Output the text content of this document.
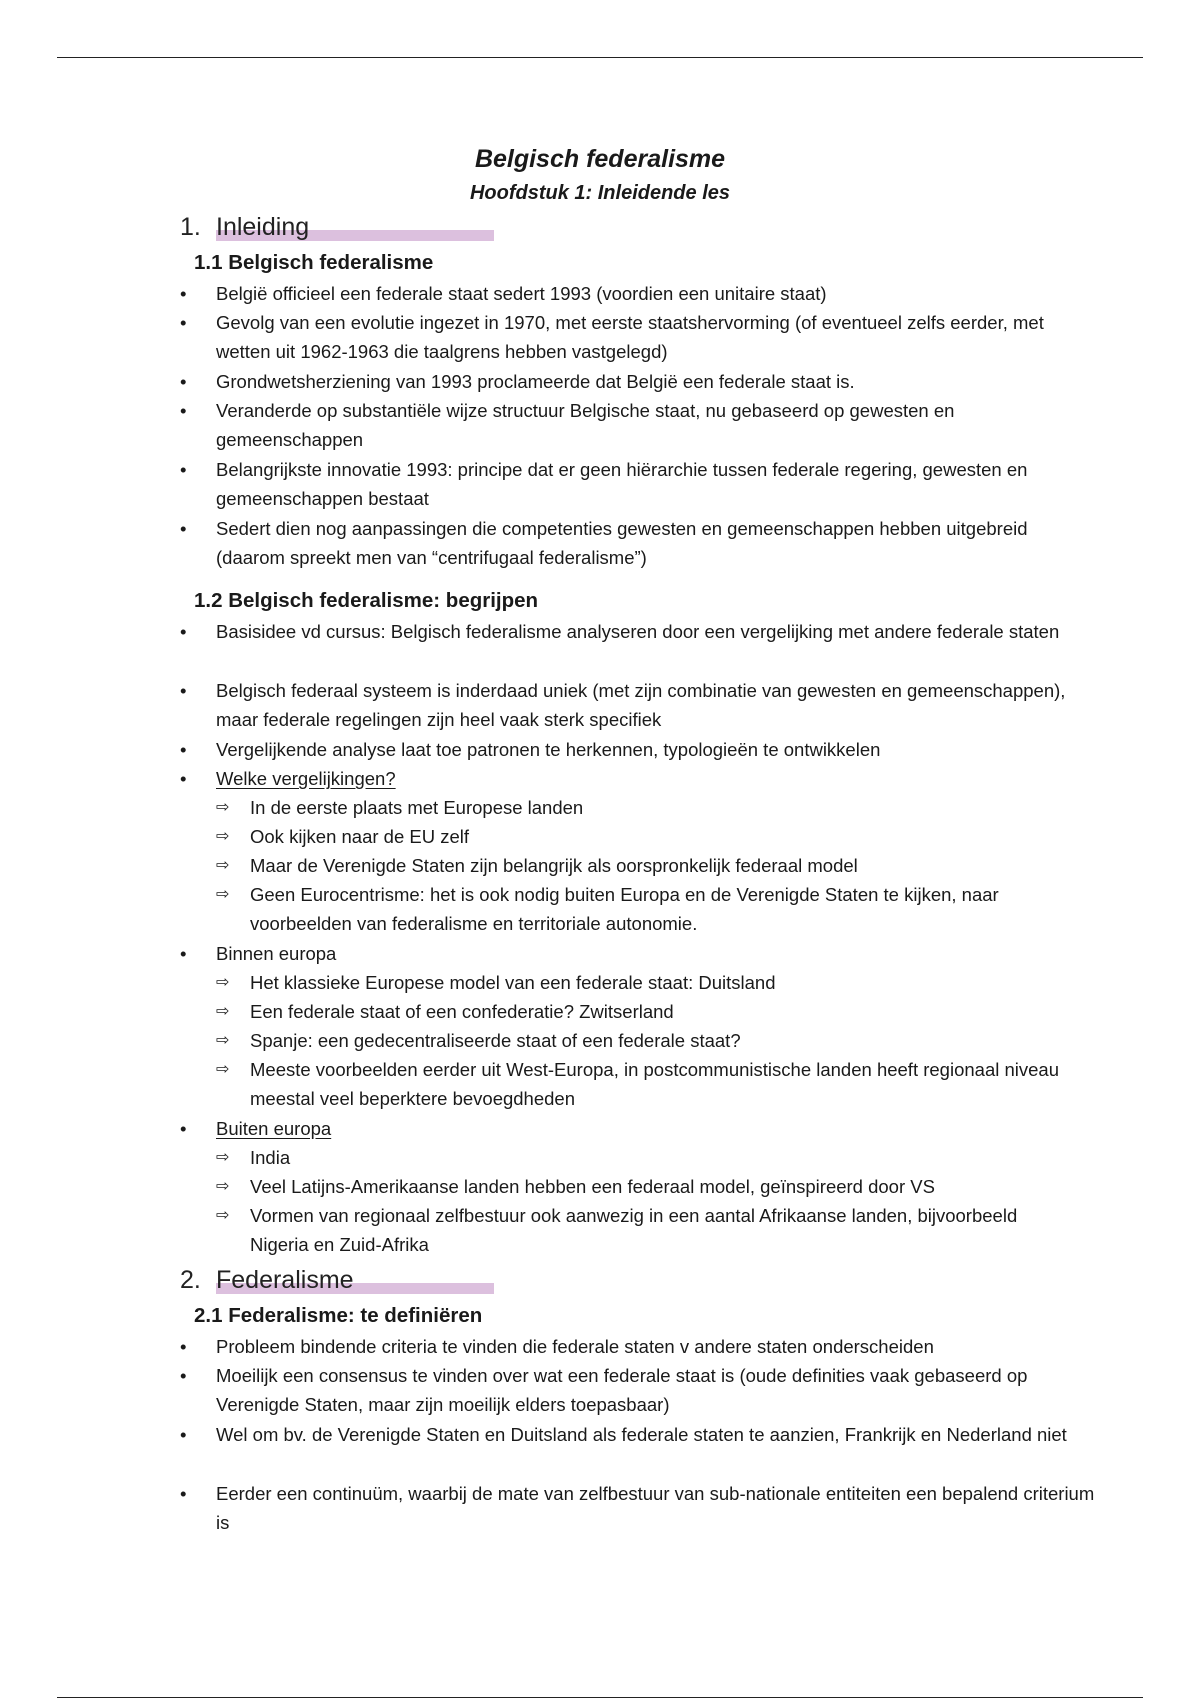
Belgisch federalisme
Hoofdstuk 1: Inleidende les
1. Inleiding
1.1 Belgisch federalisme
•	België officieel een federale staat sedert 1993 (voordien een unitaire staat)
•	Gevolg van een evolutie ingezet in 1970, met eerste staatshervorming (of eventueel zelfs eerder, met wetten uit 1962-1963 die taalgrens hebben vastgelegd)
•	Grondwetsherziening van 1993 proclameerde dat België een federale staat is.
•	Veranderde op substantiële wijze structuur Belgische staat, nu gebaseerd op gewesten en gemeenschappen
•	Belangrijkste innovatie 1993: principe dat er geen hiërarchie tussen federale regering, gewesten en gemeenschappen bestaat
•	Sedert dien nog aanpassingen die competenties gewesten en gemeenschappen hebben uitgebreid (daarom spreekt men van “centrifugaal federalisme”)
1.2 Belgisch federalisme: begrijpen
•	Basisidee vd cursus: Belgisch federalisme analyseren door een vergelijking met andere federale staten
•	Belgisch federaal systeem is inderdaad uniek (met zijn combinatie van gewesten en gemeenschappen), maar federale regelingen zijn heel vaak sterk specifiek
•	Vergelijkende analyse laat toe patronen te herkennen, typologieën te ontwikkelen
•	Welke vergelijkingen?
⇨ In de eerste plaats met Europese landen
⇨ Ook kijken naar de EU zelf
⇨ Maar de Verenigde Staten zijn belangrijk als oorspronkelijk federaal model
⇨ Geen Eurocentrisme: het is ook nodig buiten Europa en de Verenigde Staten te kijken, naar voorbeelden van federalisme en territoriale autonomie.
•	Binnen europa
⇨ Het klassieke Europese model van een federale staat: Duitsland
⇨ Een federale staat of een confederatie? Zwitserland
⇨ Spanje: een gedecentraliseerde staat of een federale staat?
⇨ Meeste voorbeelden eerder uit West-Europa, in postcommunistische landen heeft regionaal niveau meestal veel beperktere bevoegdheden
•	Buiten europa
⇨ India
⇨ Veel Latijns-Amerikaanse landen hebben een federaal model, geïnspireerd door VS
⇨ Vormen van regionaal zelfbestuur ook aanwezig in een aantal Afrikaanse landen, bijvoorbeeld Nigeria en Zuid-Afrika
2. Federalisme
2.1 Federalisme: te definiëren
•	Probleem bindende criteria te vinden die federale staten v andere staten onderscheiden
•	Moeilijk een consensus te vinden over wat een federale staat is (oude definities vaak gebaseerd op Verenigde Staten, maar zijn moeilijk elders toepasbaar)
•	Wel om bv. de Verenigde Staten en Duitsland als federale staten te aanzien, Frankrijk en Nederland niet
•	Eerder een continuüm, waarbij de mate van zelfbestuur van sub-nationale entiteiten een bepalend criterium is
